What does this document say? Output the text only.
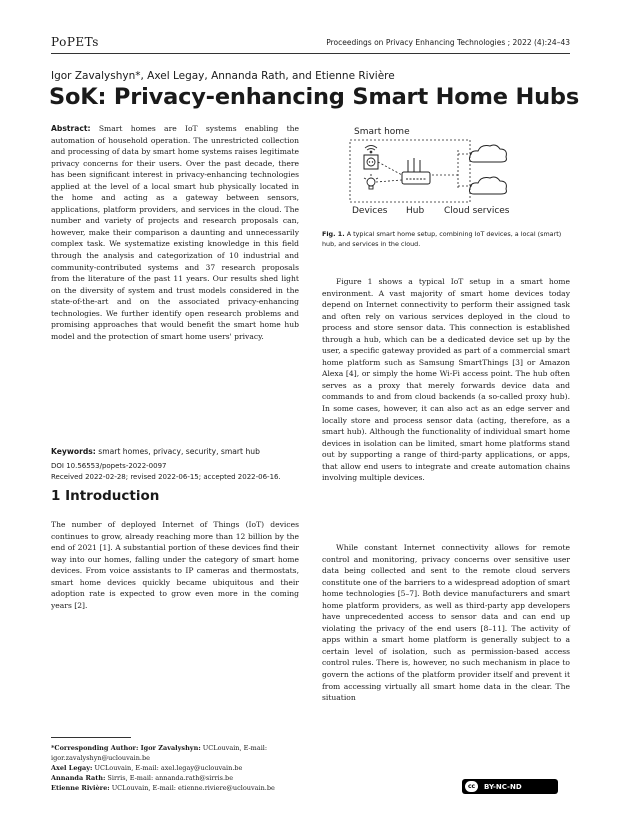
PoPETs	Proceedings on Privacy Enhancing Technologies ; 2022 (4):24–43
Igor Zavalyshyn*, Axel Legay, Annanda Rath, and Etienne Rivière
SoK: Privacy-enhancing Smart Home Hubs
Abstract: Smart homes are IoT systems enabling the automation of household operation. The unrestricted collection and processing of data by smart home systems raises legitimate privacy concerns for their users. Over the past decade, there has been significant interest in privacy-enhancing technologies applied at the level of a local smart hub physically located in the home and acting as a gateway between sensors, applications, platform providers, and services in the cloud. The number and variety of projects and research proposals can, however, make their comparison a daunting and unnecessarily complex task. We systematize existing knowledge in this field through the analysis and categorization of 10 industrial and community-contributed systems and 37 research proposals from the literature of the past 11 years. Our results shed light on the diversity of system and trust models considered in the state-of-the-art and on the associated privacy-enhancing technologies. We further identify open research problems and promising approaches that would benefit the smart home hub model and the protection of smart home users' privacy.
Keywords: smart homes, privacy, security, smart hub
DOI 10.56553/popets-2022-0097
Received 2022-02-28; revised 2022-06-15; accepted 2022-06-16.
1 Introduction
The number of deployed Internet of Things (IoT) devices continues to grow, already reaching more than 12 billion by the end of 2021 [1]. A substantial portion of these devices find their way into our homes, falling under the category of smart home devices. From voice assistants to IP cameras and thermostats, smart home devices quickly became ubiquitous and their adoption rate is expected to grow even more in the coming years [2].
*Corresponding Author: Igor Zavalyshyn: UCLouvain, E-mail: igor.zavalyshyn@uclouvain.be
Axel Legay: UCLouvain, E-mail: axel.legay@uclouvain.be
Annanda Rath: Sirris, E-mail: annanda.rath@sirris.be
Etienne Rivière: UCLouvain, E-mail: etienne.riviere@uclouvain.be
Smart home
Devices Hub Cloud services
Fig. 1. A typical smart home setup, combining IoT devices, a local (smart) hub, and services in the cloud.
Figure 1 shows a typical IoT setup in a smart home environment. A vast majority of smart home devices today depend on Internet connectivity to perform their assigned task and often rely on various services deployed in the cloud to process and store sensor data. This connection is established through a hub, which can be a dedicated device set up by the user, a specific gateway provided as part of a commercial smart home platform such as Samsung SmartThings [3] or Amazon Alexa [4], or simply the home Wi-Fi access point. The hub often serves as a proxy that merely forwards device data and commands to and from cloud backends (a so-called proxy hub). In some cases, however, it can also act as an edge server and locally store and process sensor data (acting, therefore, as a smart hub). Although the functionality of individual smart home devices in isolation can be limited, smart home platforms stand out by supporting a range of third-party applications, or apps, that allow end users to integrate and create automation chains involving multiple devices.
While constant Internet connectivity allows for remote control and monitoring, privacy concerns over sensitive user data being collected and sent to the remote cloud servers constitute one of the barriers to a widespread adoption of smart home technologies [5–7]. Both device manufacturers and smart home platform providers, as well as third-party app developers have unprecedented access to sensor data and can end up violating the privacy of the end users [8–11]. The activity of apps within a smart home platform is generally subject to a certain level of isolation, such as permission-based access control rules. There is, however, no such mechanism in place to govern the actions of the platform provider itself and prevent it from accessing virtually all smart home data in the clear. The situation
cc	BY-NC-ND
